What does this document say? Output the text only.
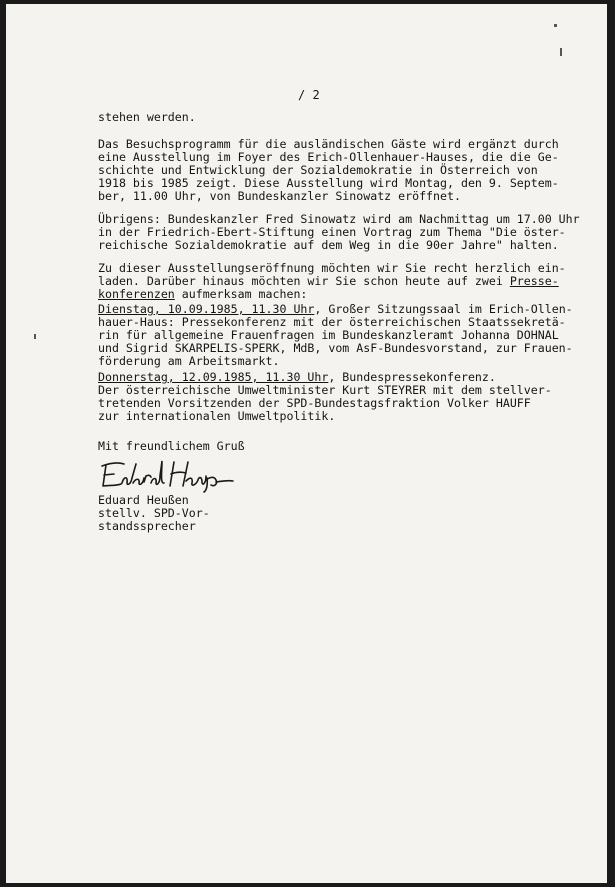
/ 2
stehen werden.
Das Besuchsprogramm für die ausländischen Gäste wird ergänzt durch
eine Ausstellung im Foyer des Erich-Ollenhauer-Hauses, die die Ge-
schichte und Entwicklung der Sozialdemokratie in Österreich von
1918 bis 1985 zeigt. Diese Ausstellung wird Montag, den 9. Septem-
ber, 11.00 Uhr, von Bundeskanzler Sinowatz eröffnet.
Übrigens: Bundeskanzler Fred Sinowatz wird am Nachmittag um 17.00 Uhr
in der Friedrich-Ebert-Stiftung einen Vortrag zum Thema "Die öster-
reichische Sozialdemokratie auf dem Weg in die 90er Jahre" halten.
Zu dieser Ausstellungseröffnung möchten wir Sie recht herzlich ein-
laden. Darüber hinaus möchten wir Sie schon heute auf zwei Presse-
konferenzen aufmerksam machen:
Dienstag, 10.09.1985, 11.30 Uhr, Großer Sitzungssaal im Erich-Ollen-
hauer-Haus: Pressekonferenz mit der österreichischen Staatssekretä-
rin für allgemeine Frauenfragen im Bundeskanzleramt Johanna DOHNAL
und Sigrid SKARPELIS-SPERK, MdB, vom AsF-Bundesvorstand, zur Frauen-
förderung am Arbeitsmarkt.
Donnerstag, 12.09.1985, 11.30 Uhr, Bundespressekonferenz.
Der österreichische Umweltminister Kurt STEYRER mit dem stellver-
tretenden Vorsitzenden der SPD-Bundestagsfraktion Volker HAUFF
zur internationalen Umweltpolitik.
Mit freundlichem Gruß
Eduard Heußen
stellv. SPD-Vor-
standssprecher
